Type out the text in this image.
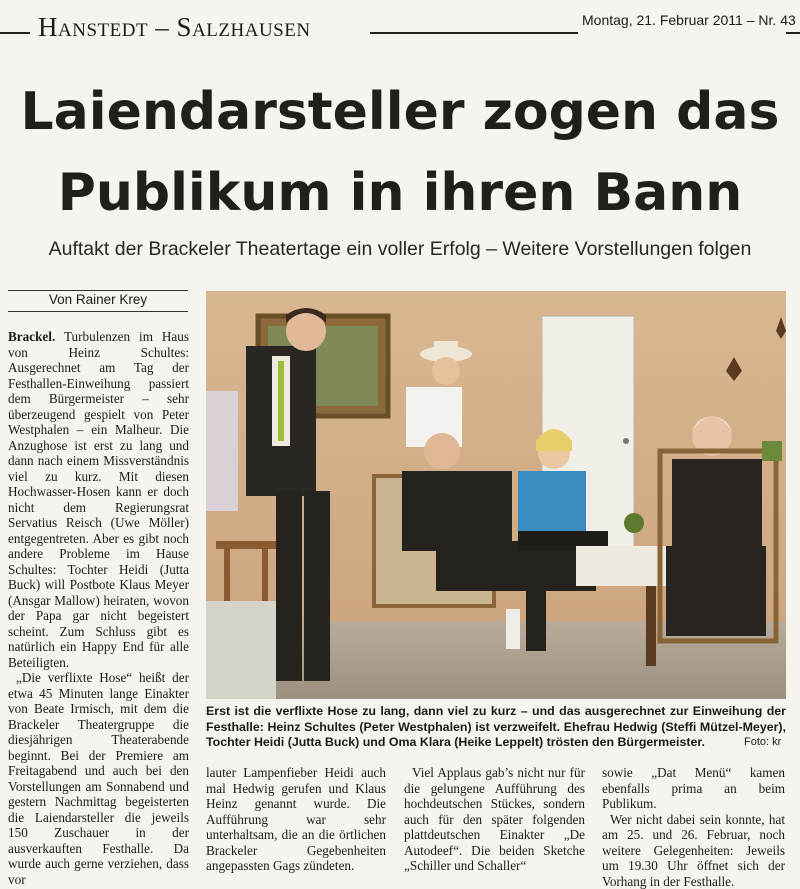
Hanstedt – Salzhausen	Montag, 21. Februar 2011 – Nr. 43
Laiendarsteller zogen das Publikum in ihren Bann
Auftakt der Brackeler Theatertage ein voller Erfolg – Weitere Vorstellungen folgen
Von Rainer Krey

Brackel. Turbulenzen im Haus von Heinz Schultes: Ausgerechnet am Tag der Festhallen-Einweihung passiert dem Bürgermeister – sehr überzeugend gespielt von Peter Westphalen – ein Malheur. Die Anzughose ist erst zu lang und dann nach einem Missverständnis viel zu kurz. Mit diesen Hochwasser-Hosen kann er doch nicht dem Regierungsrat Servatius Reisch (Uwe Möller) entgegentreten. Aber es gibt noch andere Probleme im Hause Schultes: Tochter Heidi (Jutta Buck) will Postbote Klaus Meyer (Ansgar Mallow) heiraten, wovon der Papa gar nicht begeistert scheint. Zum Schluss gibt es natürlich ein Happy End für alle Beteiligten.

„Die verflixte Hose“ heißt der etwa 45 Minuten lange Einakter von Beate Irmisch, mit dem die Brackeler Theatergruppe die diesjährigen Theaterabende beginnt. Bei der Premiere am Freitagabend und auch bei den Vorstellungen am Sonnabend und gestern Nachmittag begeisterten die Laiendarsteller die jeweils 150 Zuschauer in der ausverkauften Festhalle. Da wurde auch gerne verziehen, dass vor

Erst ist die verflixte Hose zu lang, dann viel zu kurz – und das ausgerechnet zur Einweihung der Festhalle: Heinz Schultes (Peter Westphalen) ist verzweifelt. Ehefrau Hedwig (Steffi Mützel-Meyer), Tochter Heidi (Jutta Buck) und Oma Klara (Heike Leppelt) trösten den Bürgermeister.	Foto: kr

lauter Lampenfieber Heidi auch mal Hedwig gerufen und Klaus Heinz genannt wurde. Die Aufführung war sehr unterhaltsam, die an die örtlichen Brackeler Gegebenheiten angepassten Gags zündeten.

Viel Applaus gab’s nicht nur für die gelungene Aufführung des hochdeutschen Stückes, sondern auch für den später folgenden plattdeutschen Einakter „De Autodeef“. Die beiden Sketche „Schiller und Schaller“

sowie „Dat Menü“ kamen ebenfalls prima an beim Publikum.

Wer nicht dabei sein konnte, hat am 25. und 26. Februar, noch weitere Gelegenheiten: Jeweils um 19.30 Uhr öffnet sich der Vorhang in der Festhalle.
